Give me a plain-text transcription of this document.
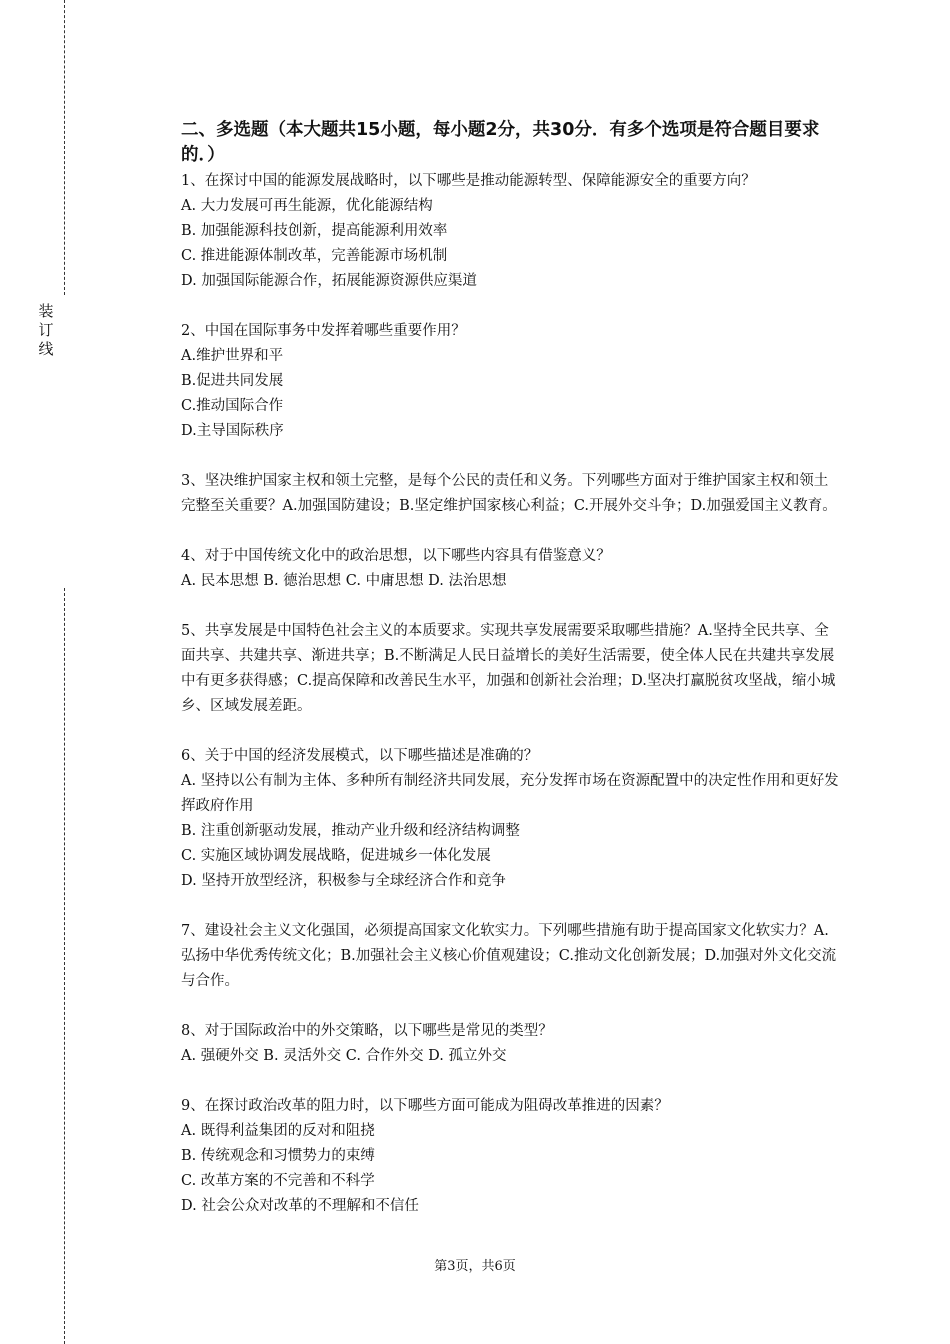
装
订
线
二、多选题（本大题共15小题，每小题2分，共30分．有多个选项是符合题目要求的．）
1、在探讨中国的能源发展战略时，以下哪些是推动能源转型、保障能源安全的重要方向？
A. 大力发展可再生能源，优化能源结构
B. 加强能源科技创新，提高能源利用效率
C. 推进能源体制改革，完善能源市场机制
D. 加强国际能源合作，拓展能源资源供应渠道
2、中国在国际事务中发挥着哪些重要作用？
A.维护世界和平
B.促进共同发展
C.推动国际合作
D.主导国际秩序
3、坚决维护国家主权和领土完整，是每个公民的责任和义务。下列哪些方面对于维护国家主权和领土完整至关重要？A.加强国防建设；B.坚定维护国家核心利益；C.开展外交斗争；D.加强爱国主义教育。
4、对于中国传统文化中的政治思想，以下哪些内容具有借鉴意义？
A. 民本思想 B. 德治思想 C. 中庸思想 D. 法治思想
5、共享发展是中国特色社会主义的本质要求。实现共享发展需要采取哪些措施？A.坚持全民共享、全面共享、共建共享、渐进共享；B.不断满足人民日益增长的美好生活需要，使全体人民在共建共享发展中有更多获得感；C.提高保障和改善民生水平，加强和创新社会治理；D.坚决打赢脱贫攻坚战，缩小城乡、区域发展差距。
6、关于中国的经济发展模式，以下哪些描述是准确的？
A. 坚持以公有制为主体、多种所有制经济共同发展，充分发挥市场在资源配置中的决定性作用和更好发挥政府作用
B. 注重创新驱动发展，推动产业升级和经济结构调整
C. 实施区域协调发展战略，促进城乡一体化发展
D. 坚持开放型经济，积极参与全球经济合作和竞争
7、建设社会主义文化强国，必须提高国家文化软实力。下列哪些措施有助于提高国家文化软实力？A.弘扬中华优秀传统文化；B.加强社会主义核心价值观建设；C.推动文化创新发展；D.加强对外文化交流与合作。
8、对于国际政治中的外交策略，以下哪些是常见的类型？
A. 强硬外交 B. 灵活外交 C. 合作外交 D. 孤立外交
9、在探讨政治改革的阻力时，以下哪些方面可能成为阻碍改革推进的因素？
A. 既得利益集团的反对和阻挠
B. 传统观念和习惯势力的束缚
C. 改革方案的不完善和不科学
D. 社会公众对改革的不理解和不信任
第3页，共6页
